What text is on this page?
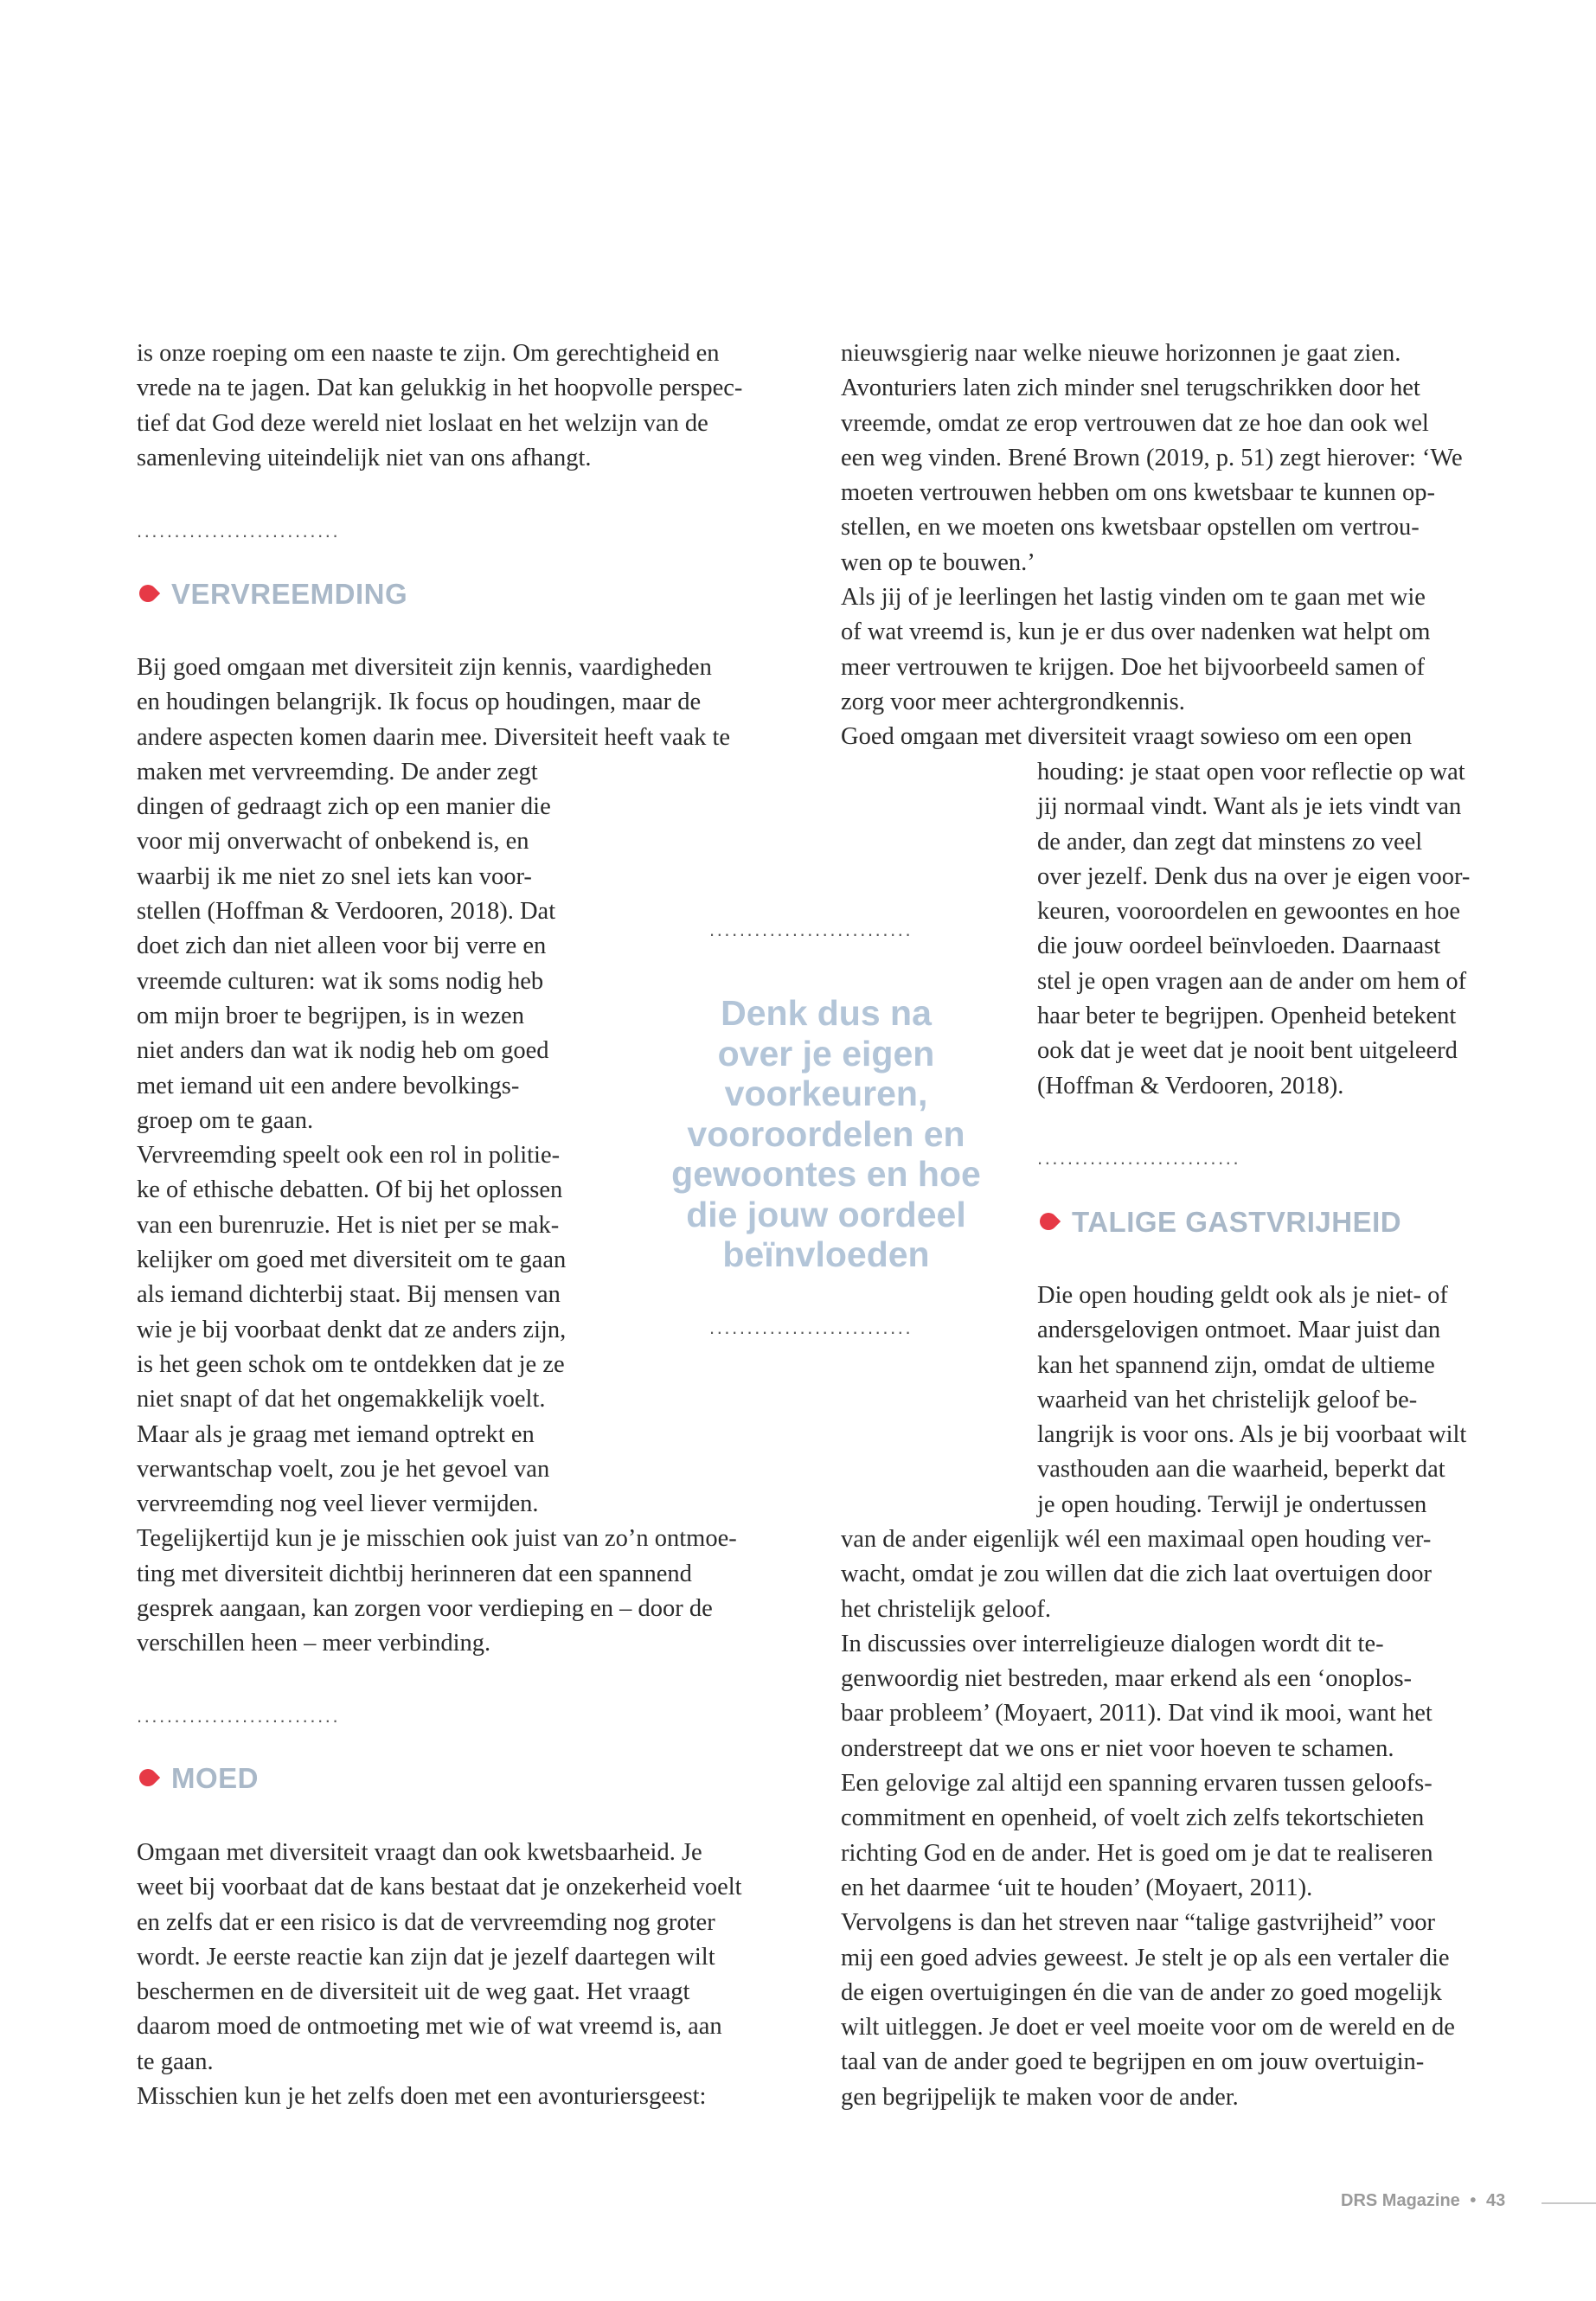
is onze roeping om een naaste te zijn. Om gerechtigheid en
vrede na te jagen. Dat kan gelukkig in het hoopvolle perspec-
tief dat God deze wereld niet loslaat en het welzijn van de
samenleving uiteindelijk niet van ons afhangt.
...........................
VERVREEMDING
Bij goed omgaan met diversiteit zijn kennis, vaardigheden
en houdingen belangrijk. Ik focus op houdingen, maar de
andere aspecten komen daarin mee. Diversiteit heeft vaak te
maken met vervreemding. De ander zegt
dingen of gedraagt zich op een manier die
voor mij onverwacht of onbekend is, en
waarbij ik me niet zo snel iets kan voor-
stellen (Hoffman & Verdooren, 2018). Dat
doet zich dan niet alleen voor bij verre en
vreemde culturen: wat ik soms nodig heb
om mijn broer te begrijpen, is in wezen
niet anders dan wat ik nodig heb om goed
met iemand uit een andere bevolkings-
groep om te gaan.
Vervreemding speelt ook een rol in politie-
ke of ethische debatten. Of bij het oplossen
van een burenruzie. Het is niet per se mak-
kelijker om goed met diversiteit om te gaan
als iemand dichterbij staat. Bij mensen van
wie je bij voorbaat denkt dat ze anders zijn,
is het geen schok om te ontdekken dat je ze
niet snapt of dat het ongemakkelijk voelt.
Maar als je graag met iemand optrekt en
verwantschap voelt, zou je het gevoel van
vervreemding nog veel liever vermijden.
Tegelijkertijd kun je je misschien ook juist van zo’n ontmoe-
ting met diversiteit dichtbij herinneren dat een spannend
gesprek aangaan, kan zorgen voor verdieping en – door de
verschillen heen – meer verbinding.
...........................
MOED
Omgaan met diversiteit vraagt dan ook kwetsbaarheid. Je
weet bij voorbaat dat de kans bestaat dat je onzekerheid voelt
en zelfs dat er een risico is dat de vervreemding nog groter
wordt. Je eerste reactie kan zijn dat je jezelf daartegen wilt
beschermen en de diversiteit uit de weg gaat. Het vraagt
daarom moed de ontmoeting met wie of wat vreemd is, aan
te gaan.
Misschien kun je het zelfs doen met een avonturiersgeest:
...........................
Denk dus na
over je eigen
voorkeuren,
vooroordelen en
gewoontes en hoe
die jouw oordeel
beïnvloeden
...........................
nieuwsgierig naar welke nieuwe horizonnen je gaat zien.
Avonturiers laten zich minder snel terugschrikken door het
vreemde, omdat ze erop vertrouwen dat ze hoe dan ook wel
een weg vinden. Brené Brown (2019, p. 51) zegt hierover: ‘We
moeten vertrouwen hebben om ons kwetsbaar te kunnen op-
stellen, en we moeten ons kwetsbaar opstellen om vertrou-
wen op te bouwen.’
Als jij of je leerlingen het lastig vinden om te gaan met wie
of wat vreemd is, kun je er dus over nadenken wat helpt om
meer vertrouwen te krijgen. Doe het bijvoorbeeld samen of
zorg voor meer achtergrondkennis.
Goed omgaan met diversiteit vraagt sowieso om een open
houding: je staat open voor reflectie op wat
jij normaal vindt. Want als je iets vindt van
de ander, dan zegt dat minstens zo veel
over jezelf. Denk dus na over je eigen voor-
keuren, vooroordelen en gewoontes en hoe
die jouw oordeel beïnvloeden. Daarnaast
stel je open vragen aan de ander om hem of
haar beter te begrijpen. Openheid betekent
ook dat je weet dat je nooit bent uitgeleerd
(Hoffman & Verdooren, 2018).
...........................
TALIGE GASTVRIJHEID
Die open houding geldt ook als je niet- of
andersgelovigen ontmoet. Maar juist dan
kan het spannend zijn, omdat de ultieme
waarheid van het christelijk geloof be-
langrijk is voor ons. Als je bij voorbaat wilt
vasthouden aan die waarheid, beperkt dat
je open houding. Terwijl je ondertussen
van de ander eigenlijk wél een maximaal open houding ver-
wacht, omdat je zou willen dat die zich laat overtuigen door
het christelijk geloof.
In discussies over interreligieuze dialogen wordt dit te-
genwoordig niet bestreden, maar erkend als een ‘onoplos-
baar probleem’ (Moyaert, 2011). Dat vind ik mooi, want het
onderstreept dat we ons er niet voor hoeven te schamen.
Een gelovige zal altijd een spanning ervaren tussen geloofs-
commitment en openheid, of voelt zich zelfs tekortschieten
richting God en de ander. Het is goed om je dat te realiseren
en het daarmee ‘uit te houden’ (Moyaert, 2011).
Vervolgens is dan het streven naar “talige gastvrijheid” voor
mij een goed advies geweest. Je stelt je op als een vertaler die
de eigen overtuigingen én die van de ander zo goed mogelijk
wilt uitleggen. Je doet er veel moeite voor om de wereld en de
taal van de ander goed te begrijpen en om jouw overtuigin-
gen begrijpelijk te maken voor de ander.
DRS Magazine • 43
